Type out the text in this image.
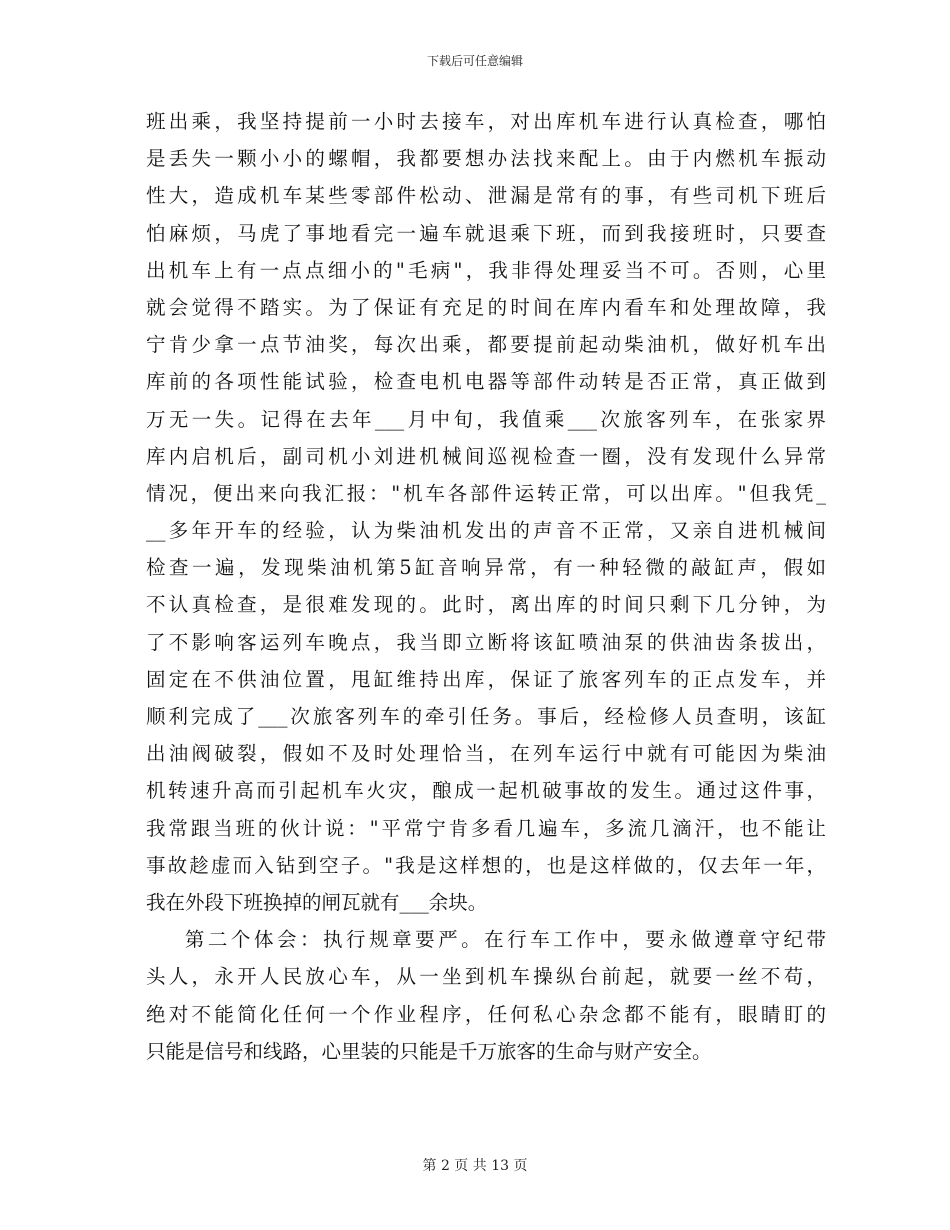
下载后可任意编辑
班出乘，我坚持提前一小时去接车，对出库机车进行认真检查，哪怕
是丢失一颗小小的螺帽，我都要想办法找来配上。由于内燃机车振动
性大，造成机车某些零部件松动、泄漏是常有的事，有些司机下班后
怕麻烦，马虎了事地看完一遍车就退乘下班，而到我接班时，只要查
出机车上有一点点细小的"毛病"，我非得处理妥当不可。否则，心里
就会觉得不踏实。为了保证有充足的时间在库内看车和处理故障，我
宁肯少拿一点节油奖，每次出乘，都要提前起动柴油机，做好机车出
库前的各项性能试验，检查电机电器等部件动转是否正常，真正做到
万无一失。记得在去年___月中旬，我值乘___次旅客列车，在张家界
库内启机后，副司机小刘进机械间巡视检查一圈，没有发现什么异常
情况，便出来向我汇报："机车各部件运转正常，可以出库。"但我凭_
__多年开车的经验，认为柴油机发出的声音不正常，又亲自进机械间
检查一遍，发现柴油机第5缸音响异常，有一种轻微的敲缸声，假如
不认真检查，是很难发现的。此时，离出库的时间只剩下几分钟，为
了不影响客运列车晚点，我当即立断将该缸喷油泵的供油齿条拔出，
固定在不供油位置，甩缸维持出库，保证了旅客列车的正点发车，并
顺利完成了___次旅客列车的牵引任务。事后，经检修人员查明，该缸
出油阀破裂，假如不及时处理恰当，在列车运行中就有可能因为柴油
机转速升高而引起机车火灾，酿成一起机破事故的发生。通过这件事，
我常跟当班的伙计说："平常宁肯多看几遍车，多流几滴汗，也不能让
事故趁虚而入钻到空子。"我是这样想的，也是这样做的，仅去年一年，
我在外段下班换掉的闸瓦就有___余块。
第二个体会：执行规章要严。在行车工作中，要永做遵章守纪带
头人，永开人民放心车，从一坐到机车操纵台前起，就要一丝不苟，
绝对不能简化任何一个作业程序，任何私心杂念都不能有，眼睛盯的
只能是信号和线路，心里装的只能是千万旅客的生命与财产安全。
第 2 页 共 13 页
